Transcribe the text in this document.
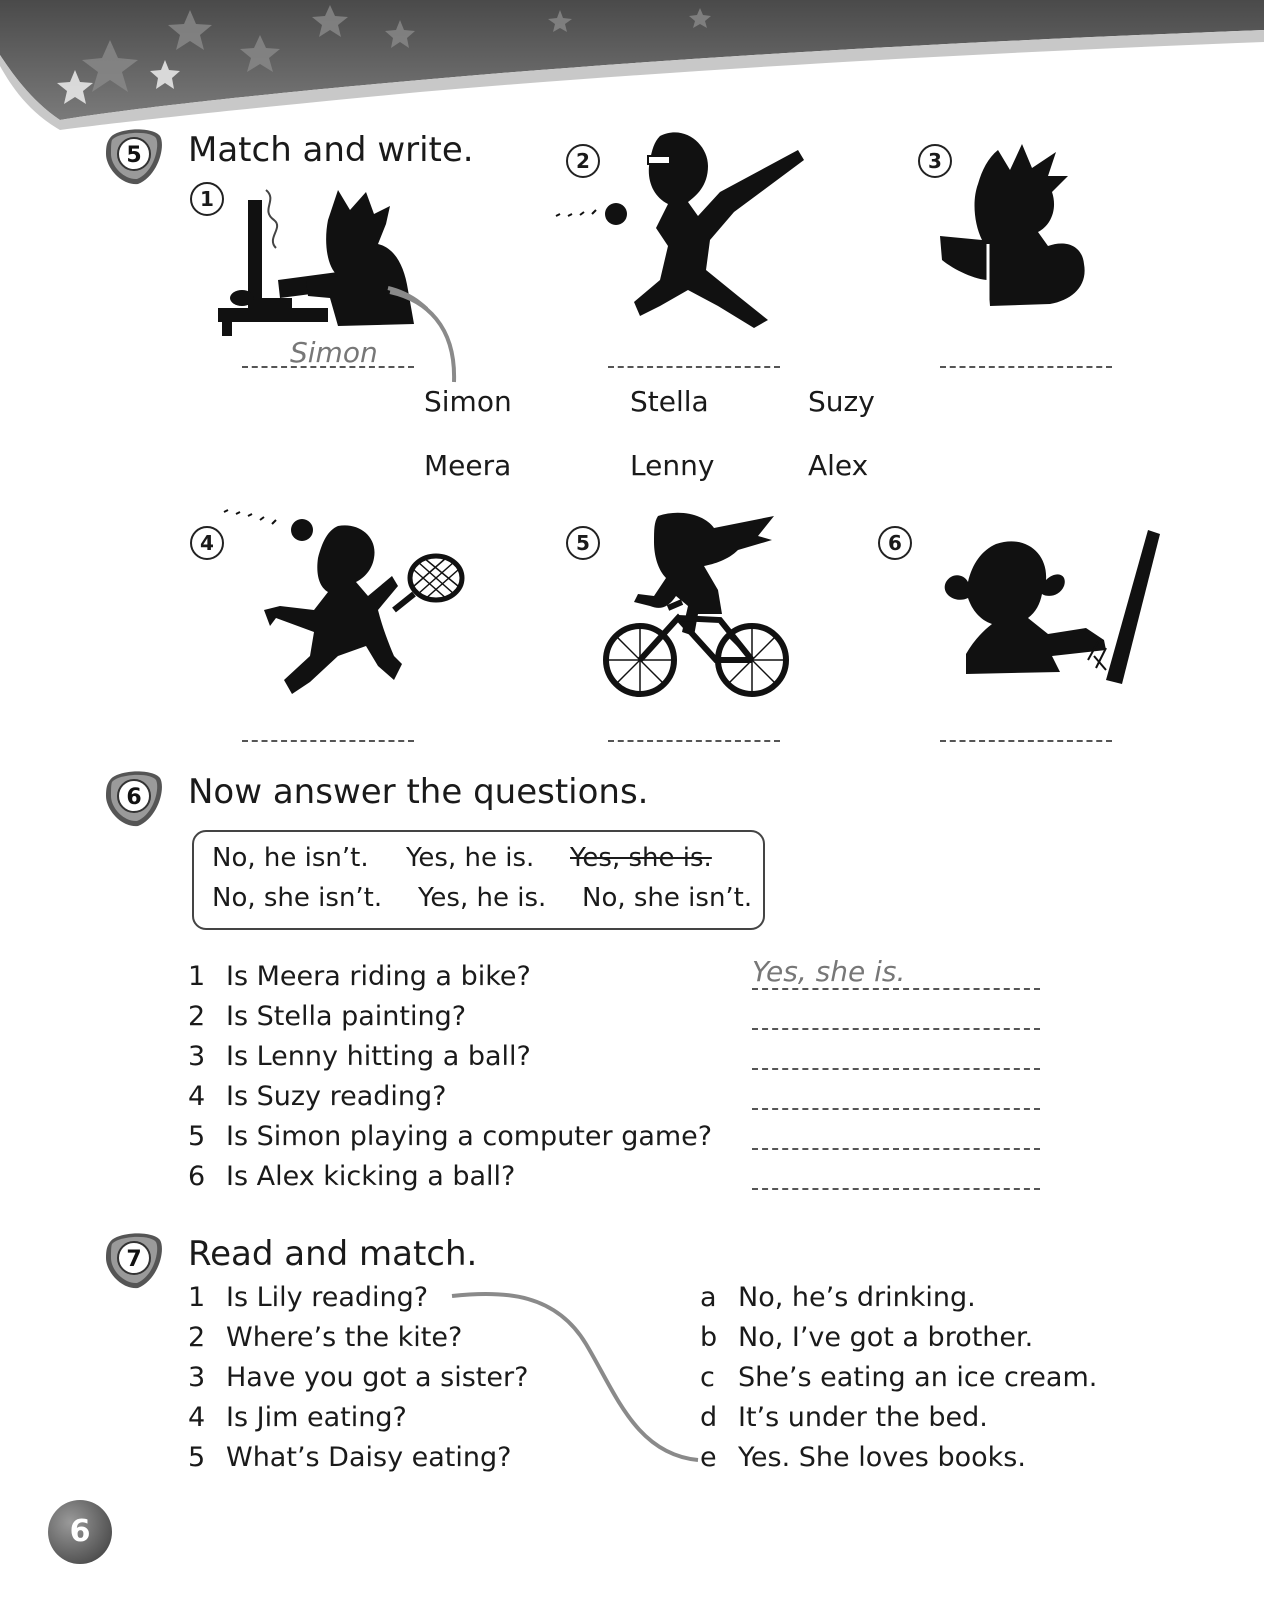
5 Match and write.
1
2	3
4	5	6
Simon
Simon	Stella	Suzy
Meera	Lenny	Alex
6 Now answer the questions.
No, he isn’t. Yes, he is. Yes, she is.
No, she isn’t. Yes, he is. No, she isn’t.
1 Is Meera riding a bike?
2 Is Stella painting?
3 Is Lenny hitting a ball?
4 Is Suzy reading?
5 Is Simon playing a computer game?
6 Is Alex kicking a ball?
Yes, she is.
7 Read and match.
1 Is Lily reading?
2 Where’s the kite?
3 Have you got a sister?
4 Is Jim eating?
5 What’s Daisy eating?
a No, he’s drinking.
b No, I’ve got a brother.
c She’s eating an ice cream.
d It’s under the bed.
e Yes. She loves books.
6
